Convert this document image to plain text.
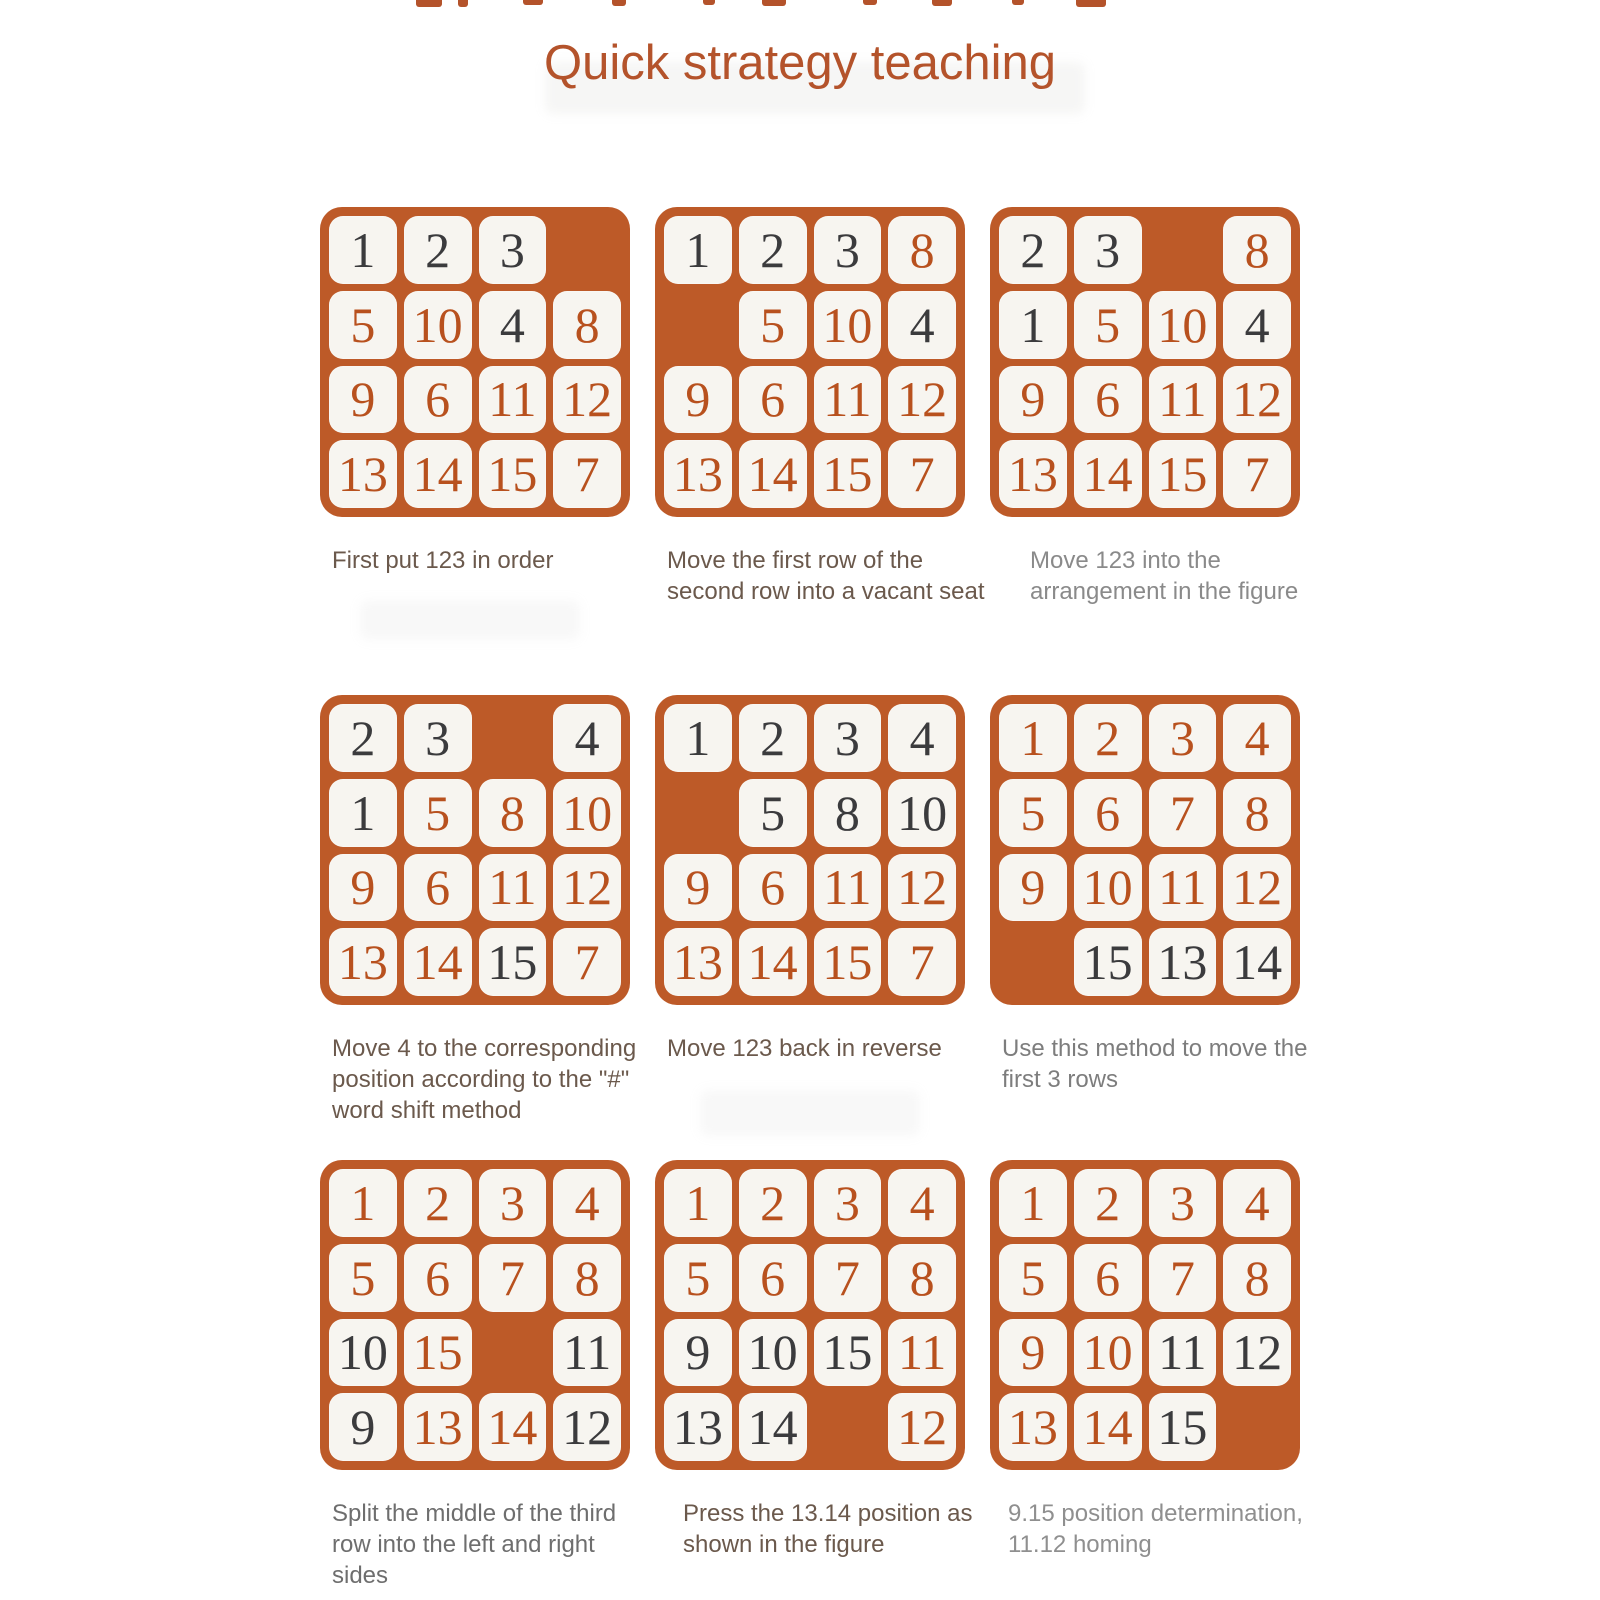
Quick strategy teaching
1 2 3
5 10 4 8
9 6 11 12
13 14 15 7
First put 123 in order
1 2 3 8
5 10 4
9 6 11 12
13 14 15 7
Move the first row of the second row into a vacant seat
2 3	8
1 5 10 4
9 6 11 12
13 14 15 7
Move 123 into the arrangement in the figure
2 3	4
1 5 8 10
9 6 11 12
13 14 15 7
Move 4 to the corresponding position according to the "#" word shift method
1 2 3 4
5 8 10
9 6 11 12
13 14 15 7
Move 123 back in reverse
1 2 3 4
5 6 7 8
9 10 11 12
15 13 14
Use this method to move the first 3 rows
1 2 3 4
5 6 7 8
10 15 11
9 13 14 12
Split the middle of the third row into the left and right sides
1 2 3 4
5 6 7 8
9 10 15 11
13 14 12
Press the 13.14 position as shown in the figure
1 2 3 4
5 6 7 8
9 10 11 12
13 14 15
9.15 position determination, 11.12 homing
